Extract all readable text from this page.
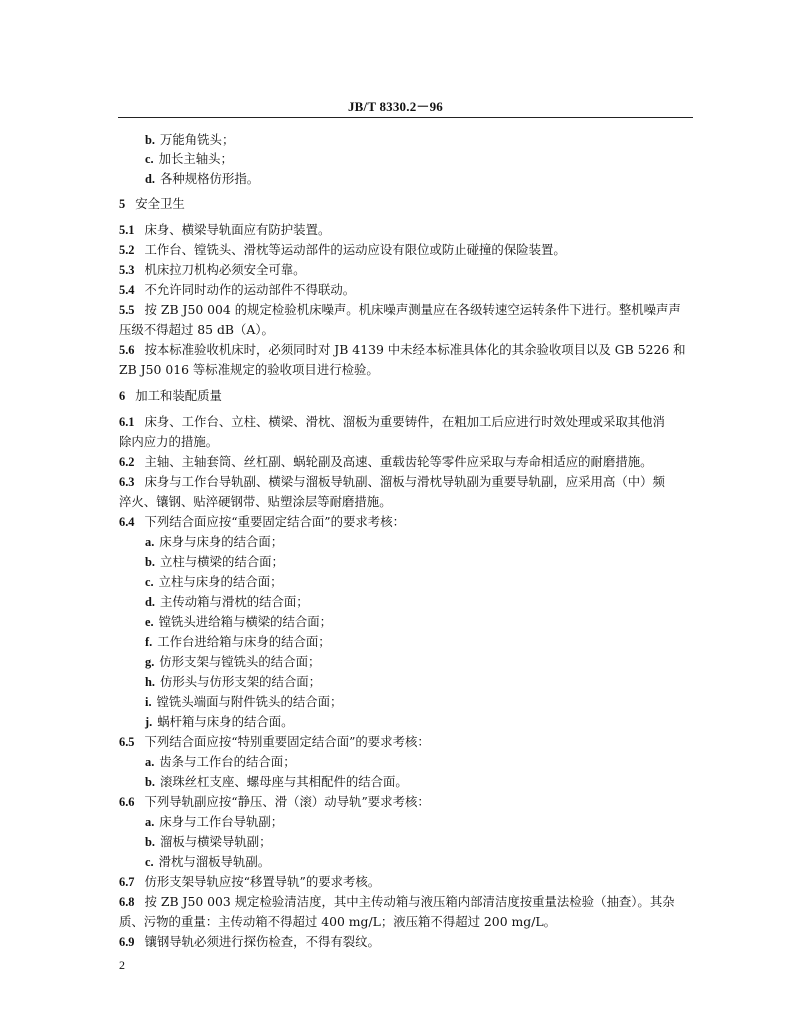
JB/T 8330.2－96
b. 万能角铣头；
c. 加长主轴头；
d. 各种规格仿形指。
5 安全卫生
5.1 床身、横梁导轨面应有防护装置。
5.2 工作台、镗铣头、滑枕等运动部件的运动应设有限位或防止碰撞的保险装置。
5.3 机床拉刀机构必须安全可靠。
5.4 不允许同时动作的运动部件不得联动。
5.5 按 ZB J50 004 的规定检验机床噪声。机床噪声测量应在各级转速空运转条件下进行。整机噪声声
压级不得超过 85 dB（A）。
5.6 按本标准验收机床时，必须同时对 JB 4139 中未经本标准具体化的其余验收项目以及 GB 5226 和
ZB J50 016 等标准规定的验收项目进行检验。
6 加工和装配质量
6.1 床身、工作台、立柱、横梁、滑枕、溜板为重要铸件，在粗加工后应进行时效处理或采取其他消
除内应力的措施。
6.2 主轴、主轴套筒、丝杠副、蜗轮副及高速、重载齿轮等零件应采取与寿命相适应的耐磨措施。
6.3 床身与工作台导轨副、横梁与溜板导轨副、溜板与滑枕导轨副为重要导轨副，应采用高（中）频
淬火、镶钢、贴淬硬钢带、贴塑涂层等耐磨措施。
6.4 下列结合面应按“重要固定结合面”的要求考核：
a. 床身与床身的结合面；
b. 立柱与横梁的结合面；
c. 立柱与床身的结合面；
d. 主传动箱与滑枕的结合面；
e. 镗铣头进给箱与横梁的结合面；
f. 工作台进给箱与床身的结合面；
g. 仿形支架与镗铣头的结合面；
h. 仿形头与仿形支架的结合面；
i. 镗铣头端面与附件铣头的结合面；
j. 蜗杆箱与床身的结合面。
6.5 下列结合面应按“特别重要固定结合面”的要求考核：
a. 齿条与工作台的结合面；
b. 滚珠丝杠支座、螺母座与其相配件的结合面。
6.6 下列导轨副应按“静压、滑（滚）动导轨”要求考核：
a. 床身与工作台导轨副；
b. 溜板与横梁导轨副；
c. 滑枕与溜板导轨副。
6.7 仿形支架导轨应按“移置导轨”的要求考核。
6.8 按 ZB J50 003 规定检验清洁度，其中主传动箱与液压箱内部清洁度按重量法检验（抽查）。其杂
质、污物的重量：主传动箱不得超过 400 mg/L；液压箱不得超过 200 mg/L。
6.9 镶钢导轨必须进行探伤检查，不得有裂纹。
2
